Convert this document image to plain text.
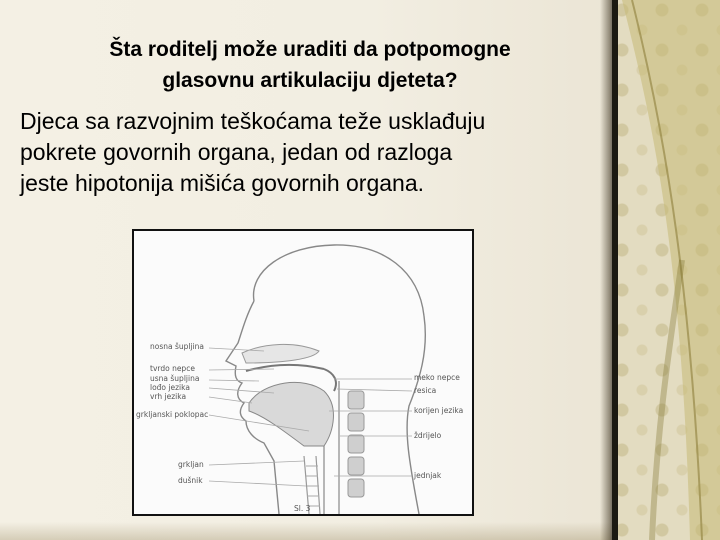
Šta roditelj može uraditi da potpomogne
glasovnu artikulaciju djeteta?
Djeca sa razvojnim teškoćama teže usklađuju
pokrete govornih organa, jedan od razloga
jeste hipotonija mišića govornih organa.
nosna šupljina
tvrdo nepce
usna šupljina
lođo jezika
vrh jezika
grkljanski poklopac
grkljan
dušnik
meko nepce
resica
korijen jezika
ždrijelo
jednjak
Sl. 3
